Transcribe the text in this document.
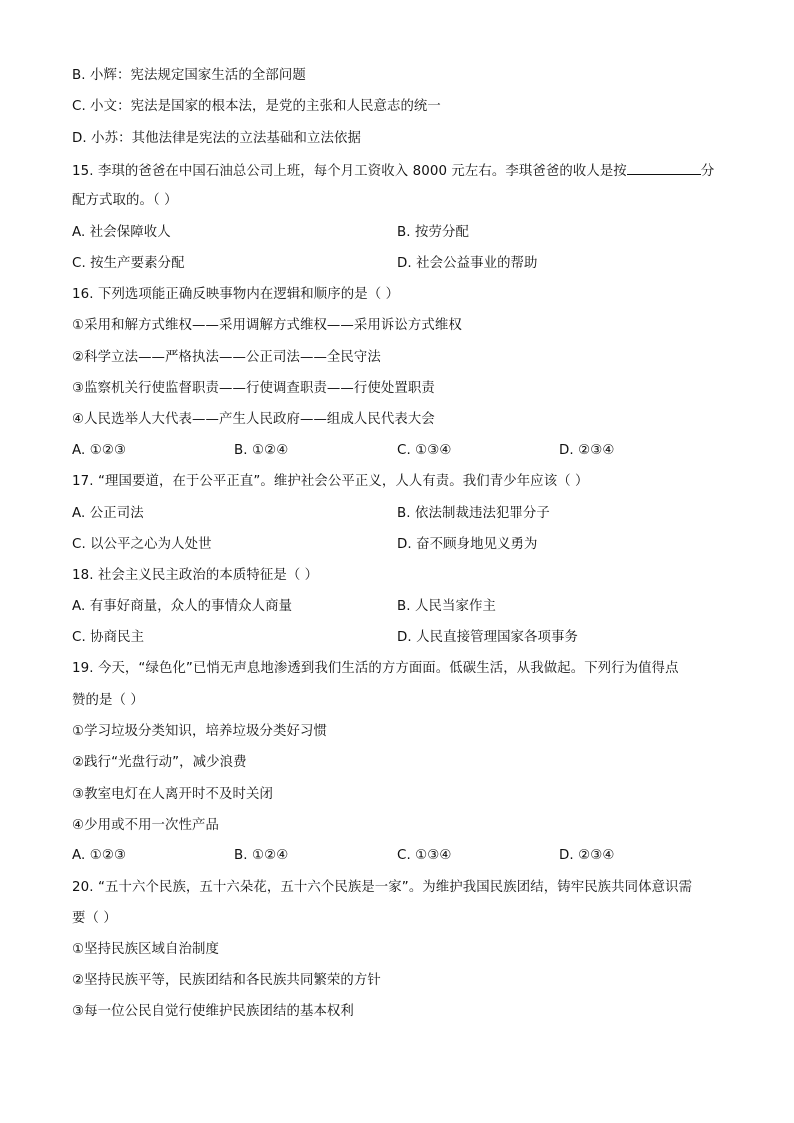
B. 小辉：宪法规定国家生活的全部问题
C. 小文：宪法是国家的根本法，是党的主张和人民意志的统一
D. 小苏：其他法律是宪法的立法基础和立法依据
15. 李琪的爸爸在中国石油总公司上班，每个月工资收入 8000 元左右。李琪爸爸的收人是按	分
配方式取的。（ ）
A. 社会保障收人	B. 按劳分配
C. 按生产要素分配	D. 社会公益事业的帮助
16. 下列选项能正确反映事物内在逻辑和顺序的是（ ）
①采用和解方式维权——采用调解方式维权——采用诉讼方式维权
②科学立法——严格执法——公正司法——全民守法
③监察机关行使监督职责——行使调查职责——行使处置职责
④人民选举人大代表——产生人民政府——组成人民代表大会
A. ①②③	B. ①②④	C. ①③④	D. ②③④
17. “理国要道，在于公平正直”。维护社会公平正义，人人有责。我们青少年应该（ ）
A. 公正司法	B. 依法制裁违法犯罪分子
C. 以公平之心为人处世	D. 奋不顾身地见义勇为
18. 社会主义民主政治的本质特征是（ ）
A. 有事好商量，众人的事情众人商量	B. 人民当家作主
C. 协商民主	D. 人民直接管理国家各项事务
19. 今天，“绿色化”已悄无声息地渗透到我们生活的方方面面。低碳生活，从我做起。下列行为值得点
赞的是（ ）
①学习垃圾分类知识，培养垃圾分类好习惯
②践行“光盘行动”，减少浪费
③教室电灯在人离开时不及时关闭
④少用或不用一次性产品
A. ①②③	B. ①②④	C. ①③④	D. ②③④
20. “五十六个民族，五十六朵花，五十六个民族是一家”。为维护我国民族团结，铸牢民族共同体意识需
要（ ）
①坚持民族区域自治制度
②坚持民族平等，民族团结和各民族共同繁荣的方针
③每一位公民自觉行使维护民族团结的基本权利
